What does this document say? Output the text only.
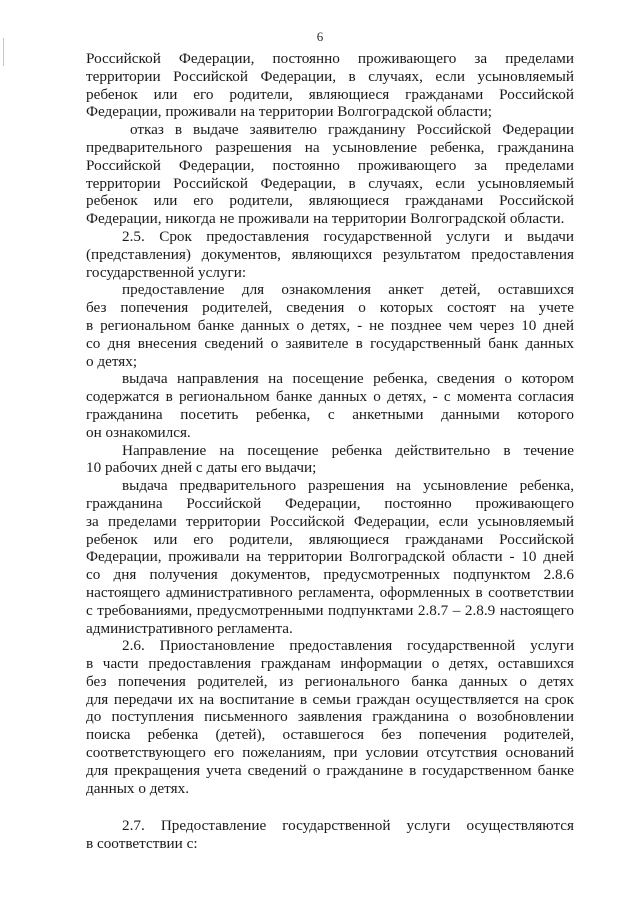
6
Российской Федерации, постоянно проживающего за пределами
территории Российской Федерации, в случаях, если усыновляемый
ребенок или его родители, являющиеся гражданами Российской
Федерации, проживали на территории Волгоградской области;
отказ в выдаче заявителю гражданину Российской Федерации
предварительного разрешения на усыновление ребенка, гражданина
Российской Федерации, постоянно проживающего за пределами
территории Российской Федерации, в случаях, если усыновляемый
ребенок или его родители, являющиеся гражданами Российской
Федерации, никогда не проживали на территории Волгоградской области.
2.5. Срок предоставления государственной услуги и выдачи
(представления) документов, являющихся результатом предоставления
государственной услуги:
предоставление для ознакомления анкет детей, оставшихся
без попечения родителей, сведения о которых состоят на учете
в региональном банке данных о детях, - не позднее чем через 10 дней
со дня внесения сведений о заявителе в государственный банк данных
о детях;
выдача направления на посещение ребенка, сведения о котором
содержатся в региональном банке данных о детях, - с момента согласия
гражданина посетить ребенка, с анкетными данными которого
он ознакомился.
Направление на посещение ребенка действительно в течение
10 рабочих дней с даты его выдачи;
выдача предварительного разрешения на усыновление ребенка,
гражданина Российской Федерации, постоянно проживающего
за пределами территории Российской Федерации, если усыновляемый
ребенок или его родители, являющиеся гражданами Российской
Федерации, проживали на территории Волгоградской области - 10 дней
со дня получения документов, предусмотренных подпунктом 2.8.6
настоящего административного регламента, оформленных в соответствии
с требованиями, предусмотренными подпунктами 2.8.7 – 2.8.9 настоящего
административного регламента.
2.6. Приостановление предоставления государственной услуги
в части предоставления гражданам информации о детях, оставшихся
без попечения родителей, из регионального банка данных о детях
для передачи их на воспитание в семьи граждан осуществляется на срок
до поступления письменного заявления гражданина о возобновлении
поиска ребенка (детей), оставшегося без попечения родителей,
соответствующего его пожеланиям, при условии отсутствия оснований
для прекращения учета сведений о гражданине в государственном банке
данных о детях.
2.7. Предоставление государственной услуги осуществляются
в соответствии с:
